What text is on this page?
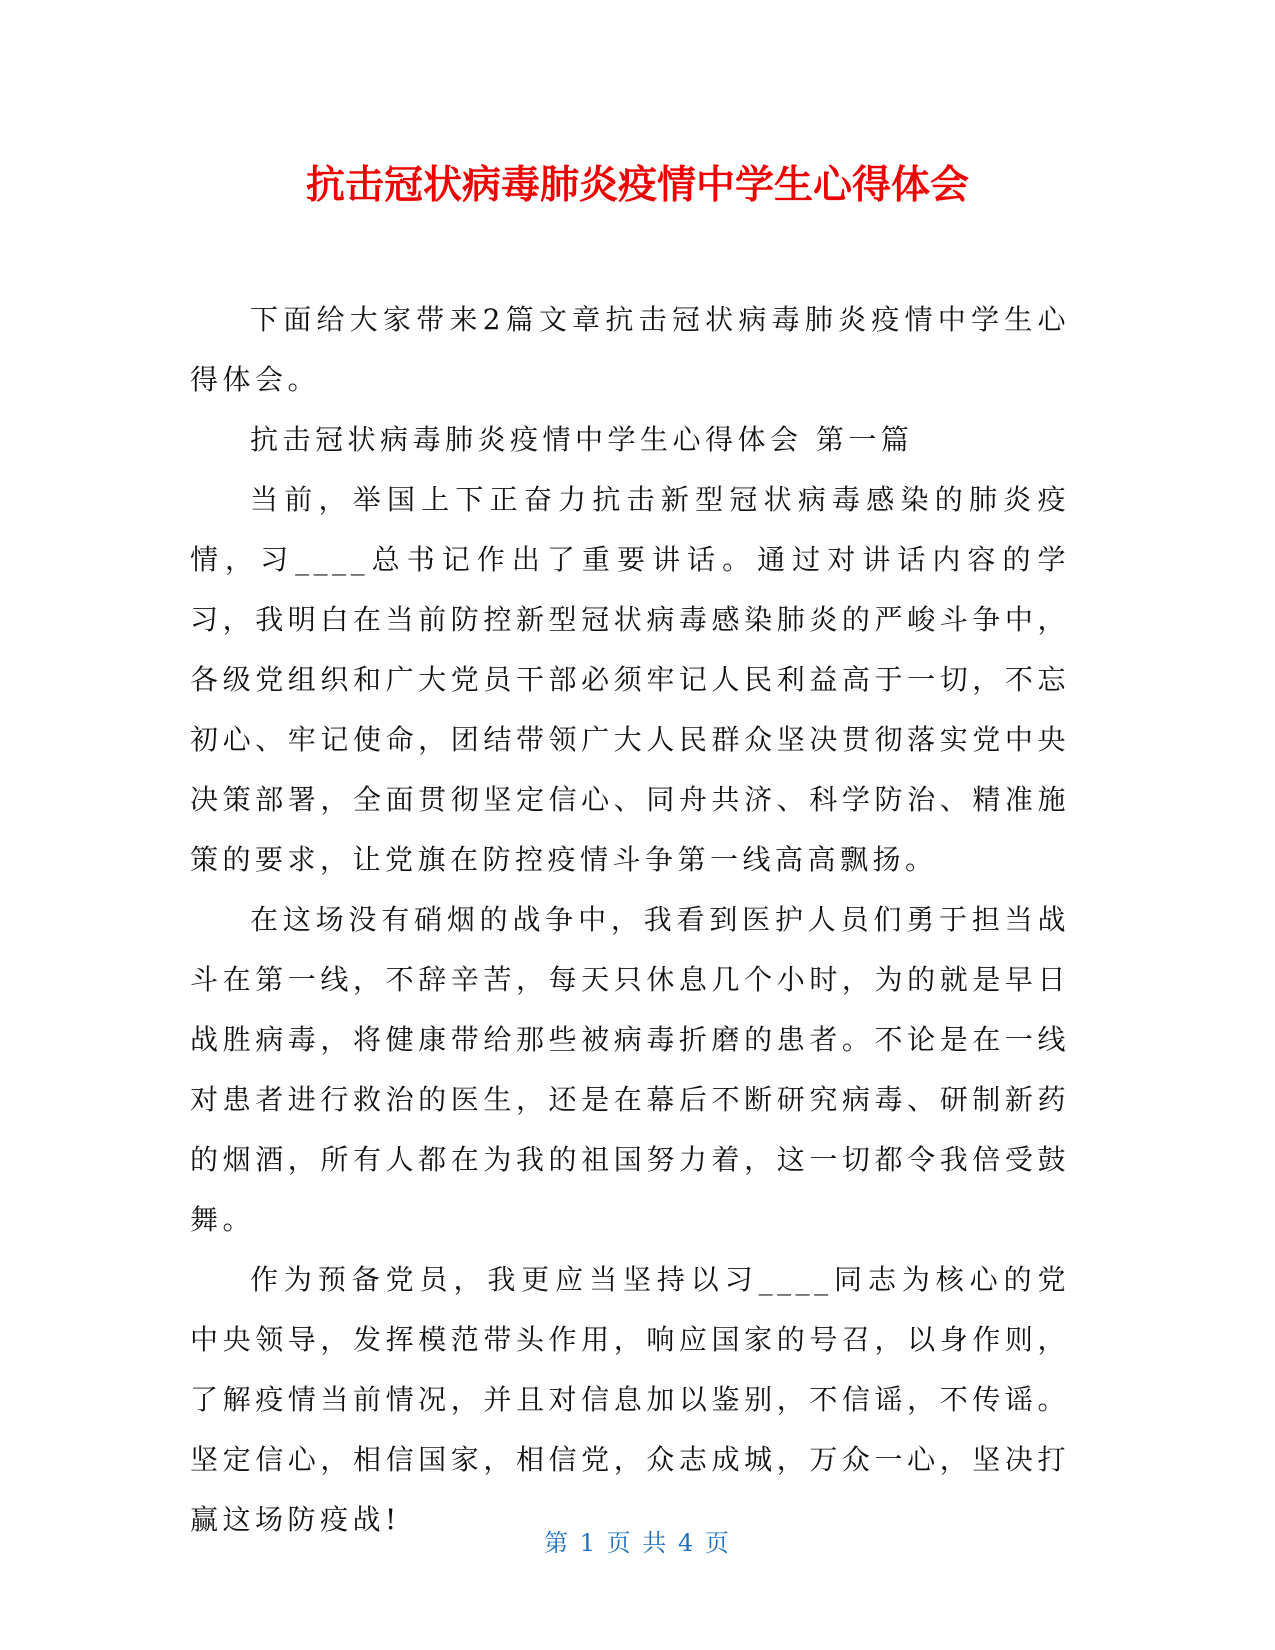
抗击冠状病毒肺炎疫情中学生心得体会

下面给大家带来2篇文章抗击冠状病毒肺炎疫情中学生心得体会。

抗击冠状病毒肺炎疫情中学生心得体会 第一篇

当前，举国上下正奋力抗击新型冠状病毒感染的肺炎疫情，习____总书记作出了重要讲话。通过对讲话内容的学习，我明白在当前防控新型冠状病毒感染肺炎的严峻斗争中，各级党组织和广大党员干部必须牢记人民利益高于一切，不忘初心、牢记使命，团结带领广大人民群众坚决贯彻落实党中央决策部署，全面贯彻坚定信心、同舟共济、科学防治、精准施策的要求，让党旗在防控疫情斗争第一线高高飘扬。

在这场没有硝烟的战争中，我看到医护人员们勇于担当战斗在第一线，不辞辛苦，每天只休息几个小时，为的就是早日战胜病毒，将健康带给那些被病毒折磨的患者。不论是在一线对患者进行救治的医生，还是在幕后不断研究病毒、研制新药的烟酒，所有人都在为我的祖国努力着，这一切都令我倍受鼓舞。

作为预备党员，我更应当坚持以习____同志为核心的党中央领导，发挥模范带头作用，响应国家的号召，以身作则，了解疫情当前情况，并且对信息加以鉴别，不信谣，不传谣。坚定信心，相信国家，相信党，众志成城，万众一心，坚决打赢这场防疫战!

第 1 页 共 4 页
